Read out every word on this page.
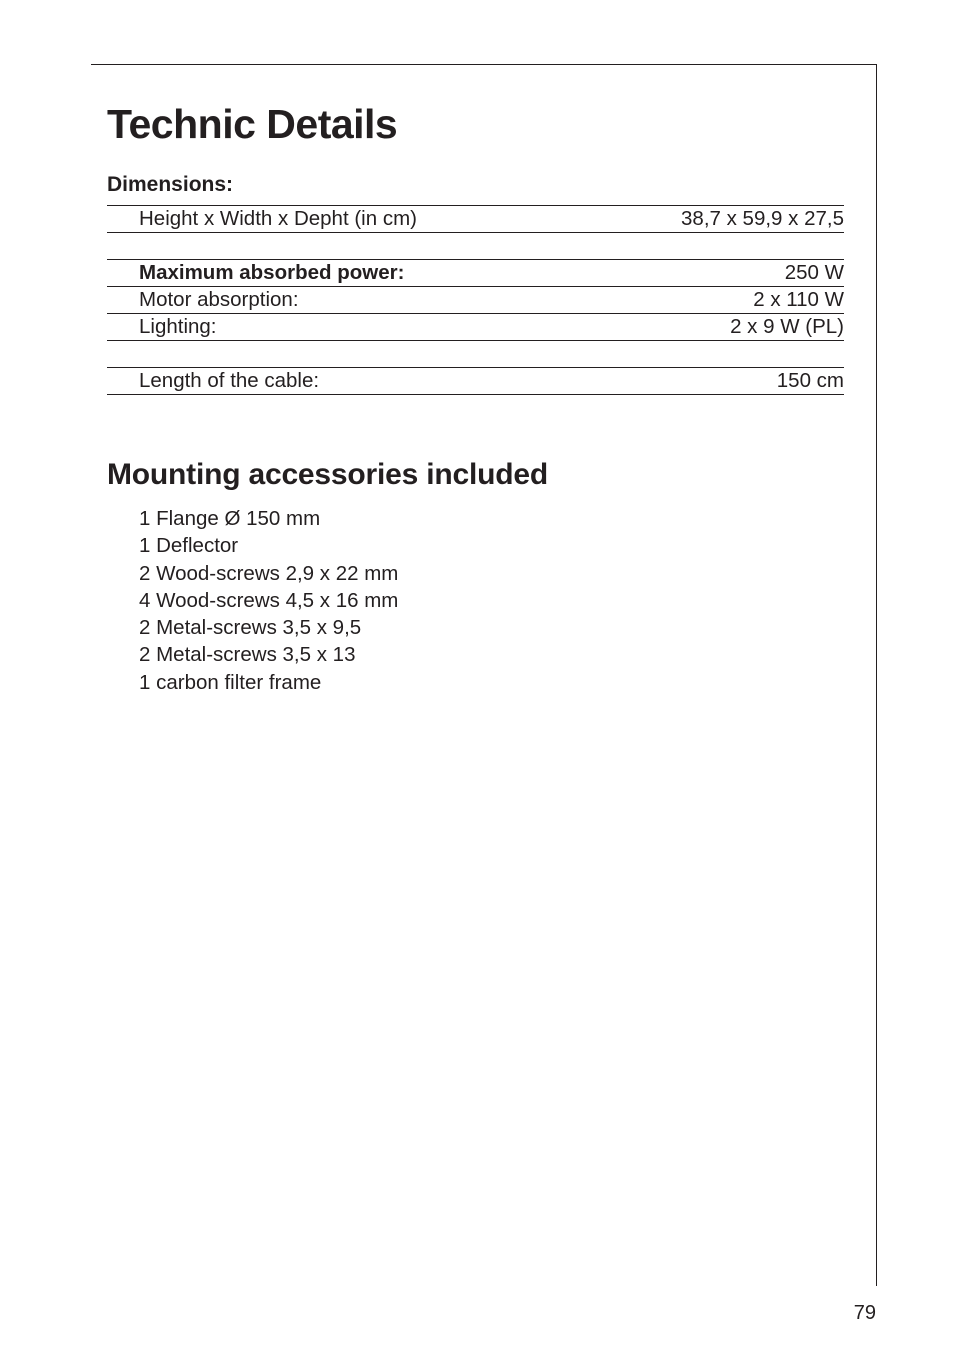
Technic Details
Dimensions:
Height x Width x Depht (in cm)	38,7 x 59,9 x 27,5
Maximum absorbed power:	250 W
Motor absorption:	2 x 110 W
Lighting:	2 x 9 W (PL)
Length of the cable:	150 cm
Mounting accessories included
1 Flange Ø 150 mm
1 Deflector
2 Wood-screws 2,9 x 22 mm
4 Wood-screws 4,5 x 16 mm
2 Metal-screws 3,5 x 9,5
2 Metal-screws 3,5 x 13
1 carbon filter frame
79
